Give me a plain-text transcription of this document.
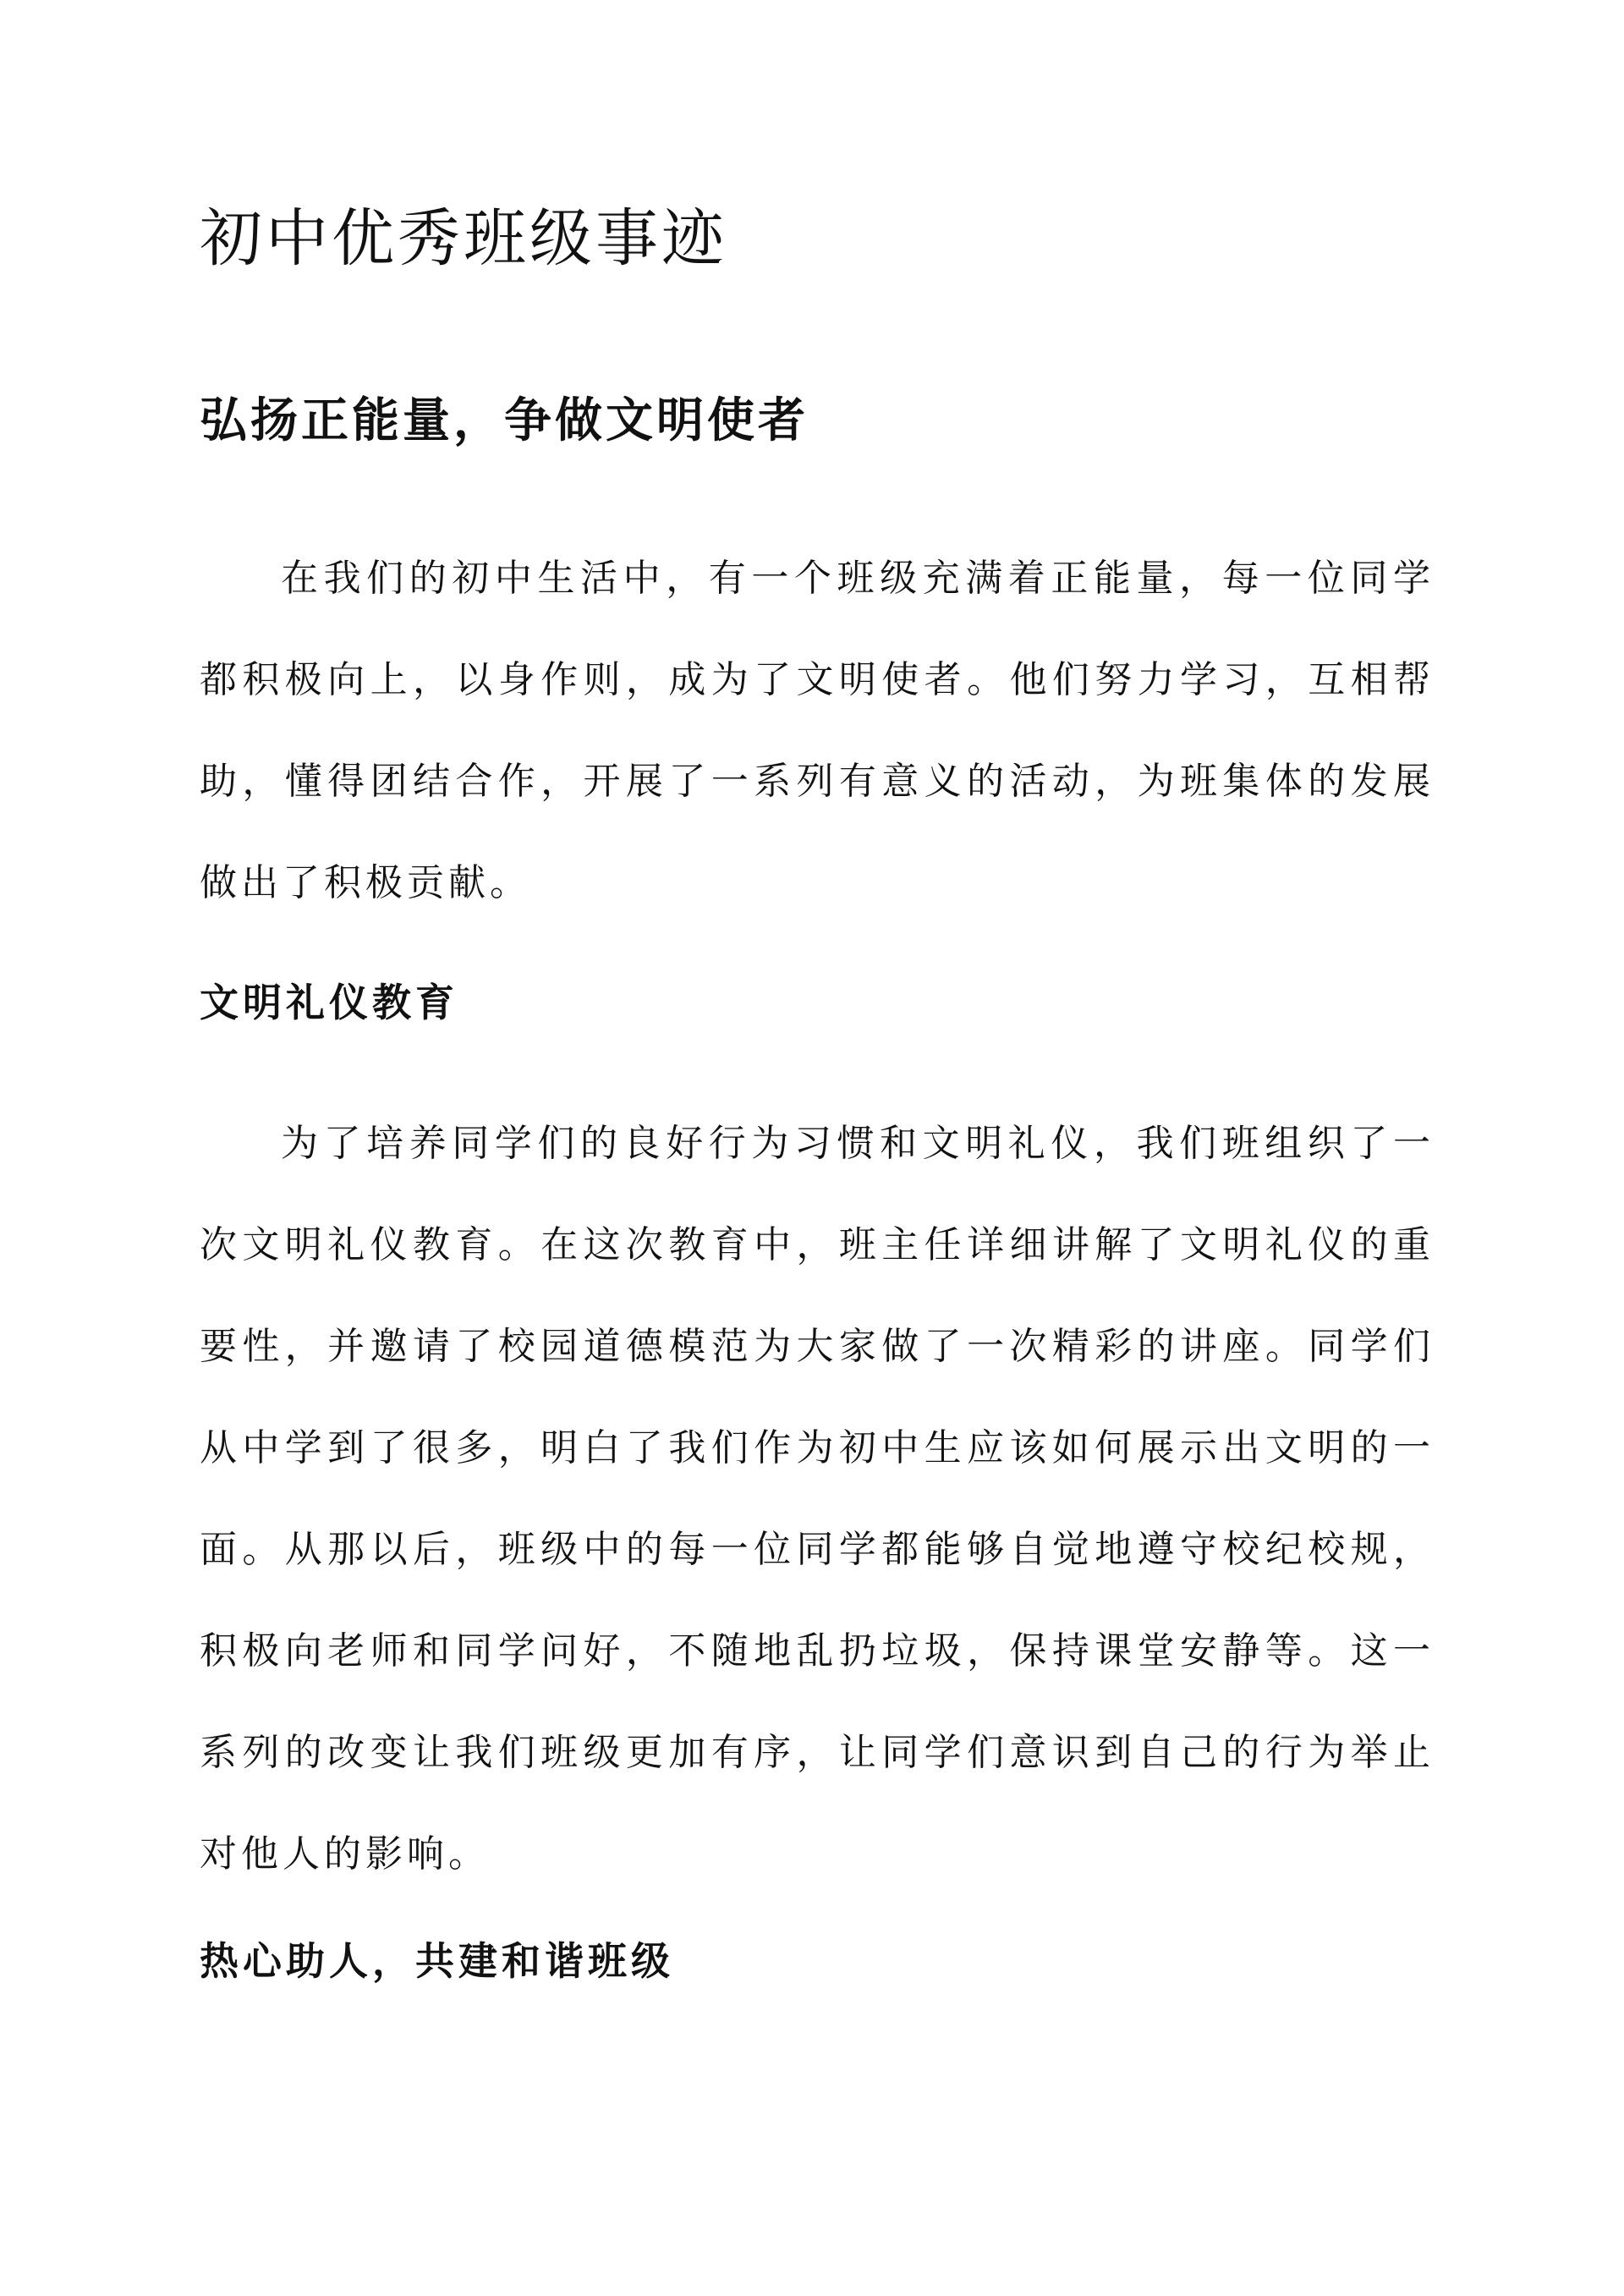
初中优秀班级事迹
弘扬正能量，争做文明使者

在我们的初中生活中，有一个班级充满着正能量，每一位同学都积极向上，以身作则，成为了文明使者。他们努力学习，互相帮助，懂得团结合作，开展了一系列有意义的活动，为班集体的发展做出了积极贡献。

文明礼仪教育

为了培养同学们的良好行为习惯和文明礼仪，我们班组织了一次文明礼仪教育。在这次教育中，班主任详细讲解了文明礼仪的重要性，并邀请了校园道德模范为大家做了一次精彩的讲座。同学们从中学到了很多，明白了我们作为初中生应该如何展示出文明的一面。从那以后，班级中的每一位同学都能够自觉地遵守校纪校规，积极向老师和同学问好，不随地乱扔垃圾，保持课堂安静等。这一系列的改变让我们班级更加有序，让同学们意识到自己的行为举止对他人的影响。

热心助人，共建和谐班级
